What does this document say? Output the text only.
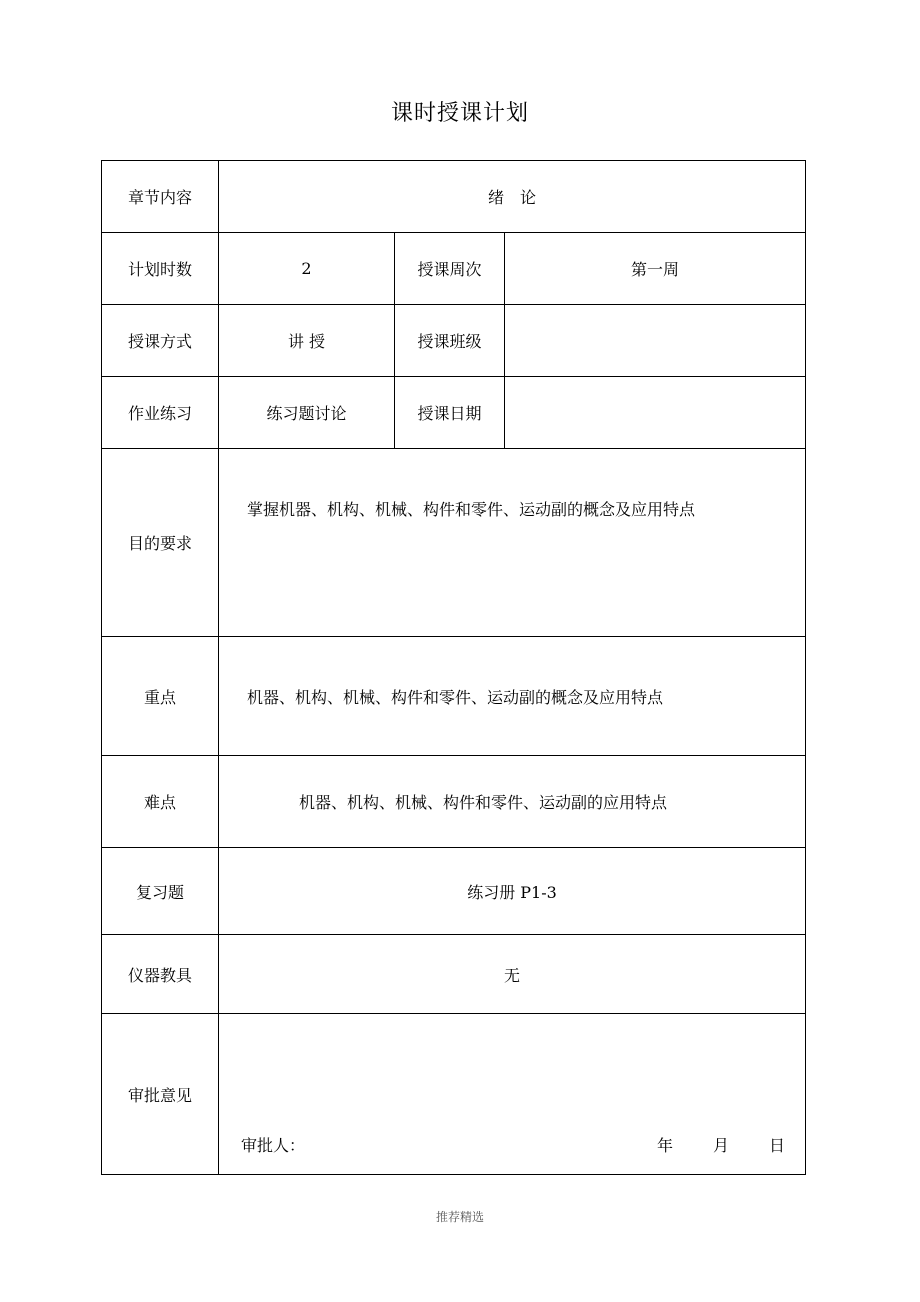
课时授课计划
章节内容	绪　论		
计划时数	2	授课周次	第一周
授课方式	讲 授	授课班级	
作业练习	练习题讨论	授课日期	
目的要求	掌握机器、机构、机械、构件和零件、运动副的概念及应用特点		

重点	机器、机构、机械、构件和零件、运动副的概念及应用特点		

难点	机器、机构、机械、构件和零件、运动副的应用特点		

复习题	练习册 P1-3		
仪器教具	无		
审批意见	审批人： 年 月 日		
推荐精选
